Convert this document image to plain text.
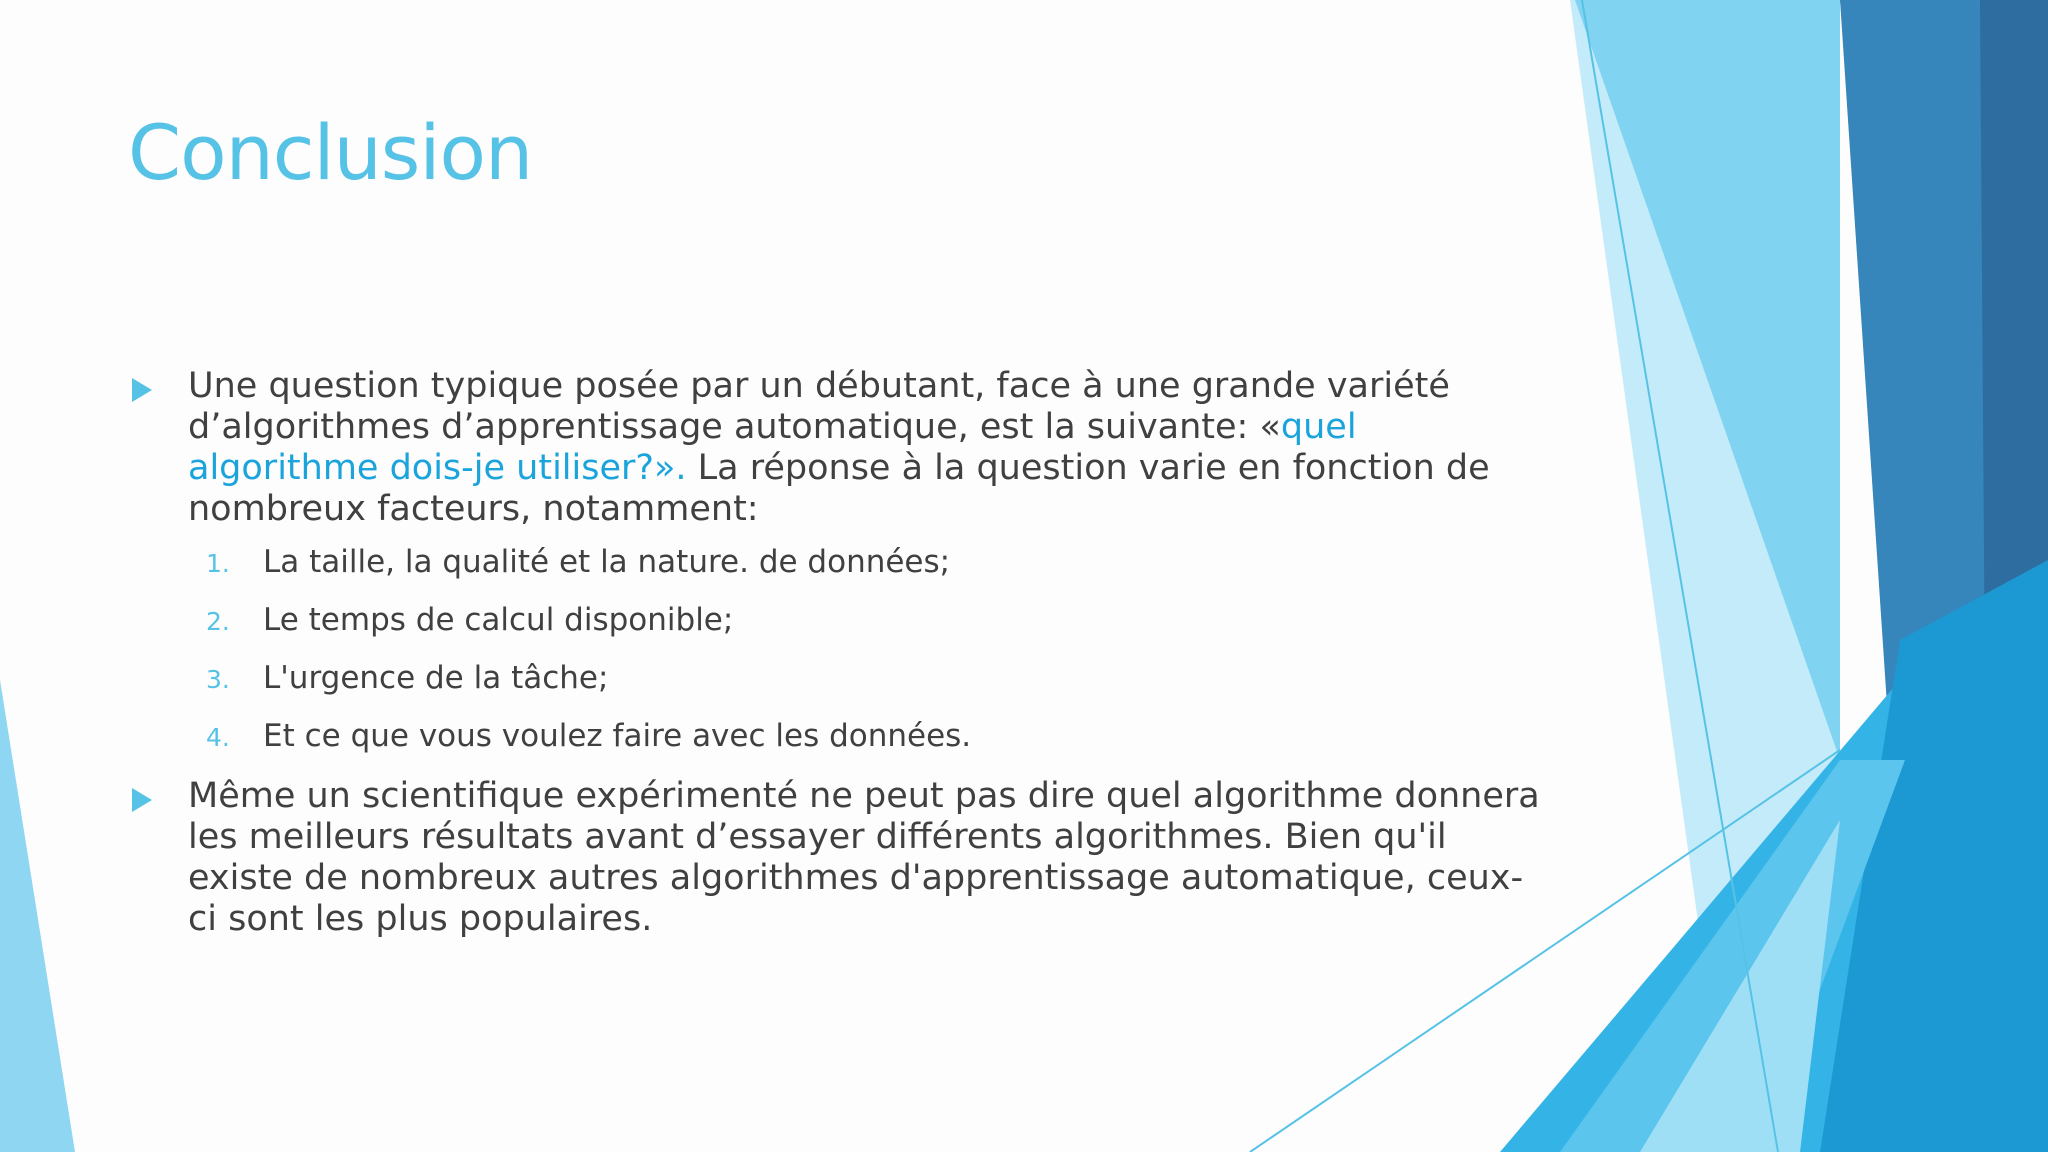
Conclusion
Une question typique posée par un débutant, face à une grande variété d’algorithmes d’apprentissage automatique, est la suivante: «quel algorithme dois-je utiliser?». La réponse à la question varie en fonction de nombreux facteurs, notamment:
1. La taille, la qualité et la nature. de données;
2. Le temps de calcul disponible;
3. L'urgence de la tâche;
4. Et ce que vous voulez faire avec les données.
Même un scientifique expérimenté ne peut pas dire quel algorithme donnera les meilleurs résultats avant d’essayer différents algorithmes. Bien qu'il existe de nombreux autres algorithmes d'apprentissage automatique, ceux-ci sont les plus populaires.
